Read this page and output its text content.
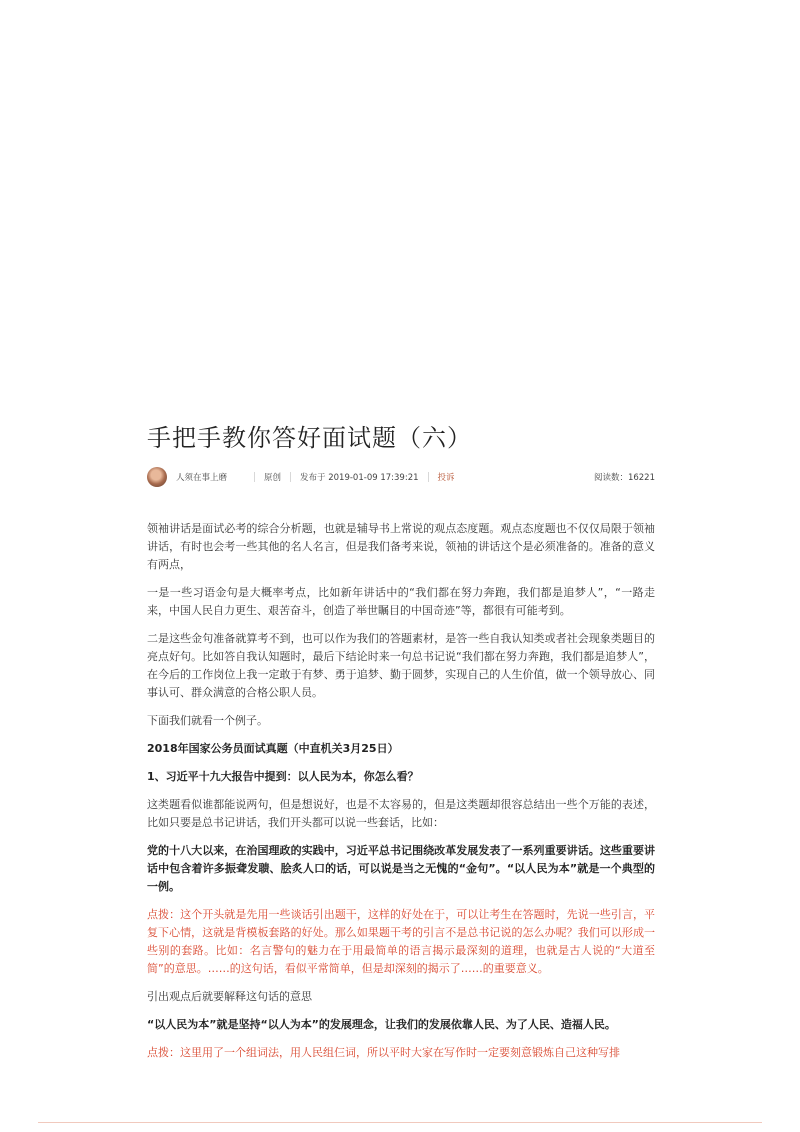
手把手教你答好面试题（六）
人须在事上磨	原创 发布于 2019-01-09 17:39:21 投诉	阅读数：16221

领袖讲话是面试必考的综合分析题，也就是辅导书上常说的观点态度题。观点态度题也不仅仅局限于领袖讲话，有时也会考一些其他的名人名言，但是我们备考来说，领袖的讲话这个是必须准备的。准备的意义有两点，

一是一些习语金句是大概率考点，比如新年讲话中的“我们都在努力奔跑，我们都是追梦人”，“一路走来，中国人民自力更生、艰苦奋斗，创造了举世瞩目的中国奇迹”等，都很有可能考到。

二是这些金句准备就算考不到，也可以作为我们的答题素材，是答一些自我认知类或者社会现象类题目的亮点好句。比如答自我认知题时，最后下结论时来一句总书记说“我们都在努力奔跑，我们都是追梦人”，在今后的工作岗位上我一定敢于有梦、勇于追梦、勤于圆梦，实现自己的人生价值，做一个领导放心、同事认可、群众满意的合格公职人员。

下面我们就看一个例子。

2018年国家公务员面试真题（中直机关3月25日）

1、习近平十九大报告中提到：以人民为本，你怎么看？

这类题看似谁都能说两句，但是想说好，也是不太容易的，但是这类题却很容总结出一些个万能的表述，比如只要是总书记讲话，我们开头都可以说一些套话，比如：

党的十八大以来，在治国理政的实践中，习近平总书记围绕改革发展发表了一系列重要讲话。这些重要讲话中包含着许多振聋发聩、脍炙人口的话，可以说是当之无愧的“金句”。“以人民为本”就是一个典型的一例。

点拨：这个开头就是先用一些谈话引出题干，这样的好处在于，可以让考生在答题时，先说一些引言，平复下心情，这就是背模板套路的好处。那么如果题干考的引言不是总书记说的怎么办呢？我们可以形成一些别的套路。比如：名言警句的魅力在于用最简单的语言揭示最深刻的道理，也就是古人说的“大道至简”的意思。……的这句话，看似平常简单，但是却深刻的揭示了……的重要意义。

引出观点后就要解释这句话的意思

“以人民为本”就是坚持“以人为本”的发展理念，让我们的发展依靠人民、为了人民、造福人民。

点拨：这里用了一个组词法，用人民组仨词，所以平时大家在写作时一定要刻意锻炼自己这种写排
